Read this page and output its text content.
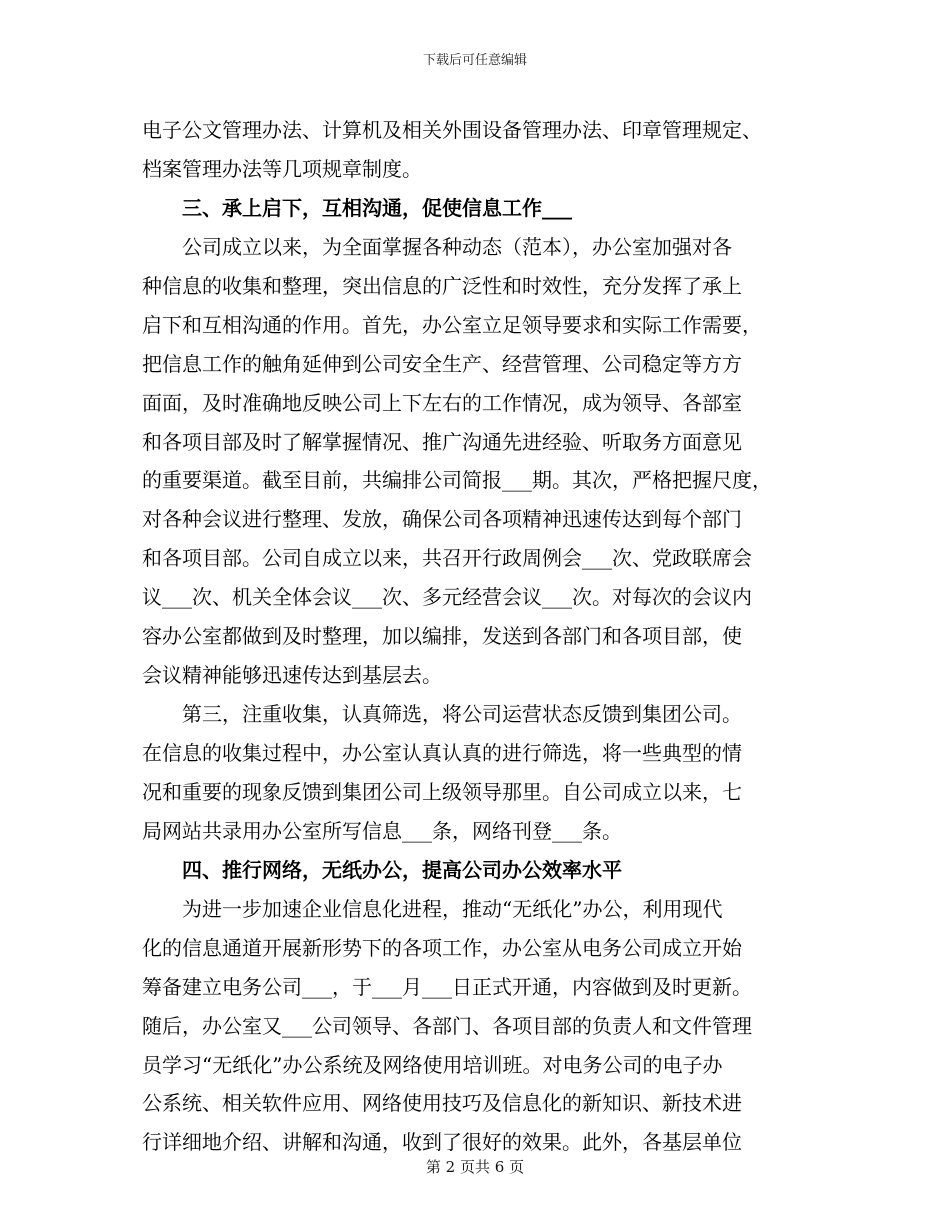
下载后可任意编辑
电子公文管理办法、计算机及相关外围设备管理办法、印章管理规定、
档案管理办法等几项规章制度。
　　三、承上启下，互相沟通，促使信息工作___
　　公司成立以来，为全面掌握各种动态（范本），办公室加强对各
种信息的收集和整理，突出信息的广泛性和时效性，充分发挥了承上
启下和互相沟通的作用。首先，办公室立足领导要求和实际工作需要，
把信息工作的触角延伸到公司安全生产、经营管理、公司稳定等方方
面面，及时准确地反映公司上下左右的工作情况，成为领导、各部室
和各项目部及时了解掌握情况、推广沟通先进经验、听取务方面意见
的重要渠道。截至目前，共编排公司简报___期。其次，严格把握尺度，
对各种会议进行整理、发放，确保公司各项精神迅速传达到每个部门
和各项目部。公司自成立以来，共召开行政周例会___次、党政联席会
议___次、机关全体会议___次、多元经营会议___次。对每次的会议内
容办公室都做到及时整理，加以编排，发送到各部门和各项目部，使
会议精神能够迅速传达到基层去。
　　第三，注重收集，认真筛选，将公司运营状态反馈到集团公司。
在信息的收集过程中，办公室认真认真的进行筛选，将一些典型的情
况和重要的现象反馈到集团公司上级领导那里。自公司成立以来，七
局网站共录用办公室所写信息___条，网络刊登___条。
　　四、推行网络，无纸办公，提高公司办公效率水平
　　为进一步加速企业信息化进程，推动“无纸化”办公，利用现代
化的信息通道开展新形势下的各项工作，办公室从电务公司成立开始
筹备建立电务公司___，于___月___日正式开通，内容做到及时更新。
随后，办公室又___公司领导、各部门、各项目部的负责人和文件管理
员学习“无纸化”办公系统及网络使用培训班。对电务公司的电子办
公系统、相关软件应用、网络使用技巧及信息化的新知识、新技术进
行详细地介绍、讲解和沟通，收到了很好的效果。此外，各基层单位
第 2 页共 6 页
